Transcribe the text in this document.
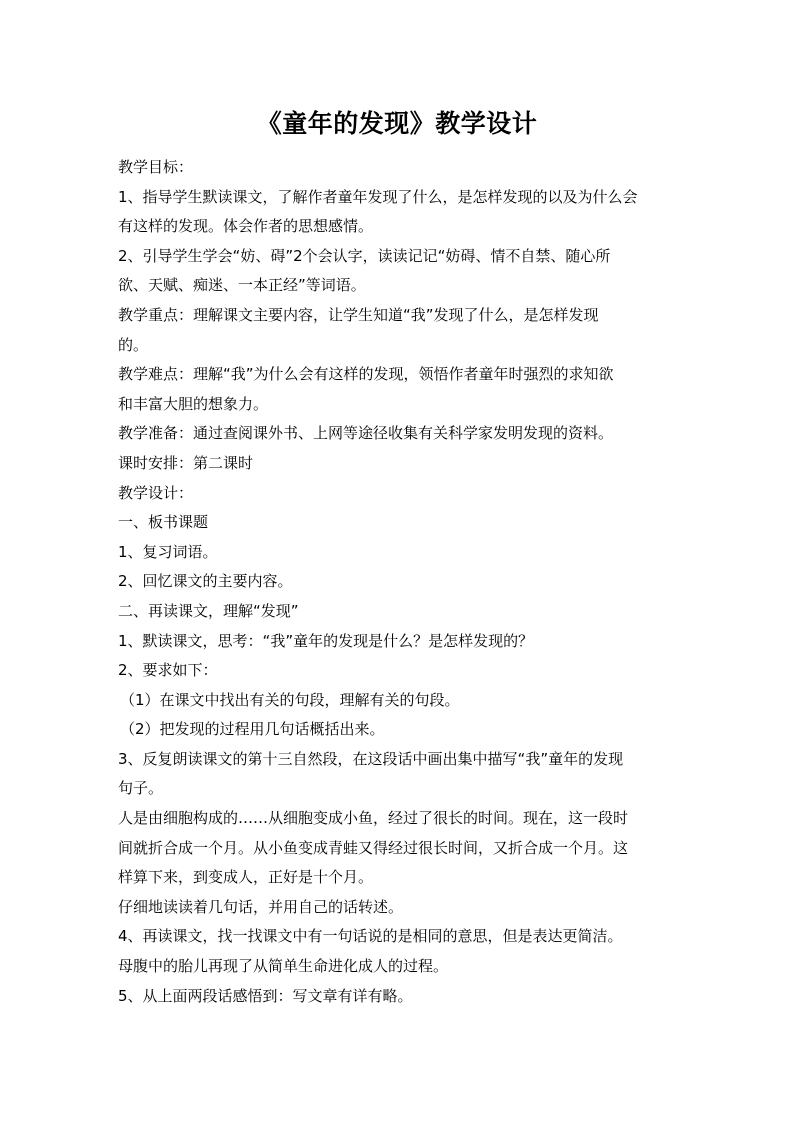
《童年的发现》教学设计
教学目标：
1、指导学生默读课文，了解作者童年发现了什么，是怎样发现的以及为什么会
有这样的发现。体会作者的思想感情。
2、引导学生学会“妨、碍”2个会认字，读读记记“妨碍、情不自禁、随心所
欲、天赋、痴迷、一本正经”等词语。
教学重点：理解课文主要内容，让学生知道“我”发现了什么，是怎样发现
的。
教学难点：理解“我”为什么会有这样的发现，领悟作者童年时强烈的求知欲
和丰富大胆的想象力。
教学准备：通过查阅课外书、上网等途径收集有关科学家发明发现的资料。
课时安排：第二课时
教学设计：
一、板书课题
1、复习词语。
2、回忆课文的主要内容。
二、再读课文，理解“发现”
1、默读课文，思考：“我”童年的发现是什么？是怎样发现的？
2、要求如下：
（1）在课文中找出有关的句段，理解有关的句段。
（2）把发现的过程用几句话概括出来。
3、反复朗读课文的第十三自然段，在这段话中画出集中描写“我”童年的发现
句子。
人是由细胞构成的……从细胞变成小鱼，经过了很长的时间。现在，这一段时
间就折合成一个月。从小鱼变成青蛙又得经过很长时间，又折合成一个月。这
样算下来，到变成人，正好是十个月。
仔细地读读着几句话，并用自己的话转述。
4、再读课文，找一找课文中有一句话说的是相同的意思，但是表达更简洁。
母腹中的胎儿再现了从简单生命进化成人的过程。
5、从上面两段话感悟到：写文章有详有略。
